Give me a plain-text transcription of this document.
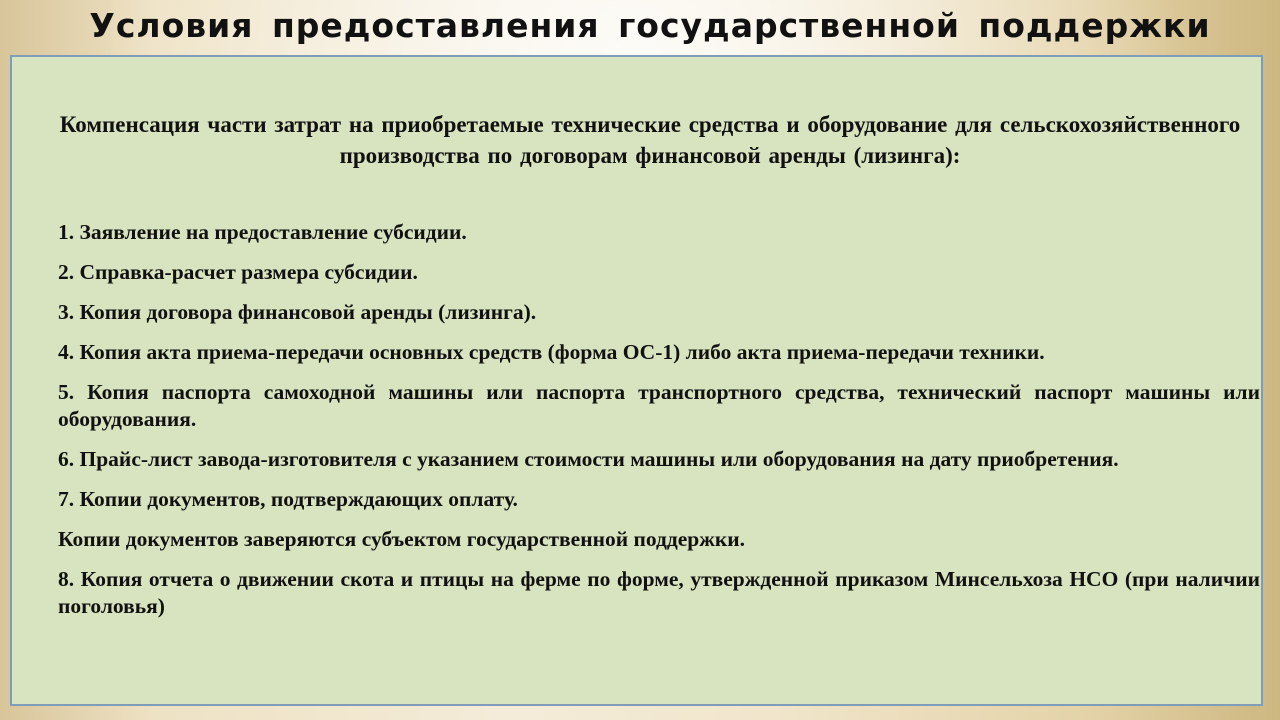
Условия предоставления государственной поддержки

Компенсация части затрат на приобретаемые технические средства и оборудование для сельскохозяйственного производства по договорам финансовой аренды (лизинга):

1. Заявление на предоставление субсидии.
2. Справка-расчет размера субсидии.
3. Копия договора финансовой аренды (лизинга).
4. Копия акта приема-передачи основных средств (форма ОС-1) либо акта приема-передачи техники.
5. Копия паспорта самоходной машины или паспорта транспортного средства, технический паспорт машины или оборудования.
6. Прайс-лист завода-изготовителя с указанием стоимости машины или оборудования на дату приобретения.
7. Копии документов, подтверждающих оплату.
Копии документов заверяются субъектом государственной поддержки.
8. Копия отчета о движении скота и птицы на ферме по форме, утвержденной приказом Минсельхоза НСО (при наличии поголовья)
